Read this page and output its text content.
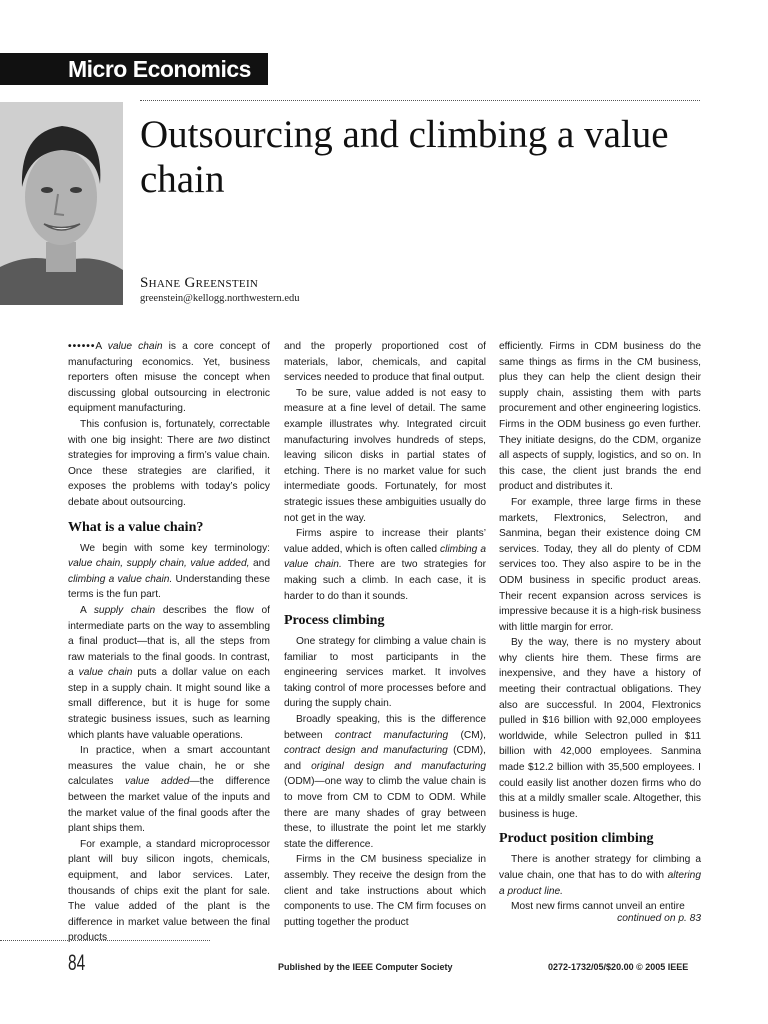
Micro Economics
Outsourcing and climbing a value chain
Shane Greenstein
greenstein@kellogg.northwestern.edu

••••••A value chain is a core concept of manufacturing economics. Yet, business reporters often misuse the concept when discussing global outsourcing in electronic equipment manufacturing.

This confusion is, fortunately, correctable with one big insight: There are two distinct strategies for improving a firm’s value chain. Once these strategies are clarified, it exposes the problems with today’s policy debate about outsourcing.

What is a value chain?

We begin with some key terminology: value chain, supply chain, value added, and climbing a value chain. Understanding these terms is the fun part.

A supply chain describes the flow of intermediate parts on the way to assembling a final product—that is, all the steps from raw materials to the final goods. In contrast, a value chain puts a dollar value on each step in a supply chain. It might sound like a small difference, but it is huge for some strategic business issues, such as learning which plants have valuable operations.

In practice, when a smart accountant measures the value chain, he or she calculates value added—the difference between the market value of the inputs and the market value of the final goods after the plant ships them.

For example, a standard microprocessor plant will buy silicon ingots, chemicals, equipment, and labor services. Later, thousands of chips exit the plant for sale. The value added of the plant is the difference in market value between the final products

and the properly proportioned cost of materials, labor, chemicals, and capital services needed to produce that final output.

To be sure, value added is not easy to measure at a fine level of detail. The same example illustrates why. Integrated circuit manufacturing involves hundreds of steps, leaving silicon disks in partial states of etching. There is no market value for such intermediate goods. Fortunately, for most strategic issues these ambiguities usually do not get in the way.

Firms aspire to increase their plants’ value added, which is often called climbing a value chain. There are two strategies for making such a climb. In each case, it is harder to do than it sounds.

Process climbing

One strategy for climbing a value chain is familiar to most participants in the engineering services market. It involves taking control of more processes before and during the supply chain.

Broadly speaking, this is the difference between contract manufacturing (CM), contract design and manufacturing (CDM), and original design and manufacturing (ODM)—one way to climb the value chain is to move from CM to CDM to ODM. While there are many shades of gray between these, to illustrate the point let me starkly state the difference.

Firms in the CM business specialize in assembly. They receive the design from the client and take instructions about which components to use. The CM firm focuses on putting together the product

efficiently. Firms in CDM business do the same things as firms in the CM business, plus they can help the client design their supply chain, assisting them with parts procurement and other engineering logistics. Firms in the ODM business go even further. They initiate designs, do the CDM, organize all aspects of supply, logistics, and so on. In this case, the client just brands the end product and distributes it.

For example, three large firms in these markets, Flextronics, Selectron, and Sanmina, began their existence doing CM services. Today, they all do plenty of CDM services too. They also aspire to be in the ODM business in specific product areas. Their recent expansion across services is impressive because it is a high-risk business with little margin for error.

By the way, there is no mystery about why clients hire them. These firms are inexpensive, and they have a history of meeting their contractual obligations. They also are successful. In 2004, Flextronics pulled in $16 billion with 92,000 employees worldwide, while Selectron pulled in $11 billion with 42,000 employees. Sanmina made $12.2 billion with 35,500 employees. I could easily list another dozen firms who do this at a mildly smaller scale. Altogether, this business is huge.

Product position climbing

There is another strategy for climbing a value chain, one that has to do with altering a product line.

Most new firms cannot unveil an entire

continued on p. 83
84	Published by the IEEE Computer Society	0272-1732/05/$20.00 © 2005 IEEE
